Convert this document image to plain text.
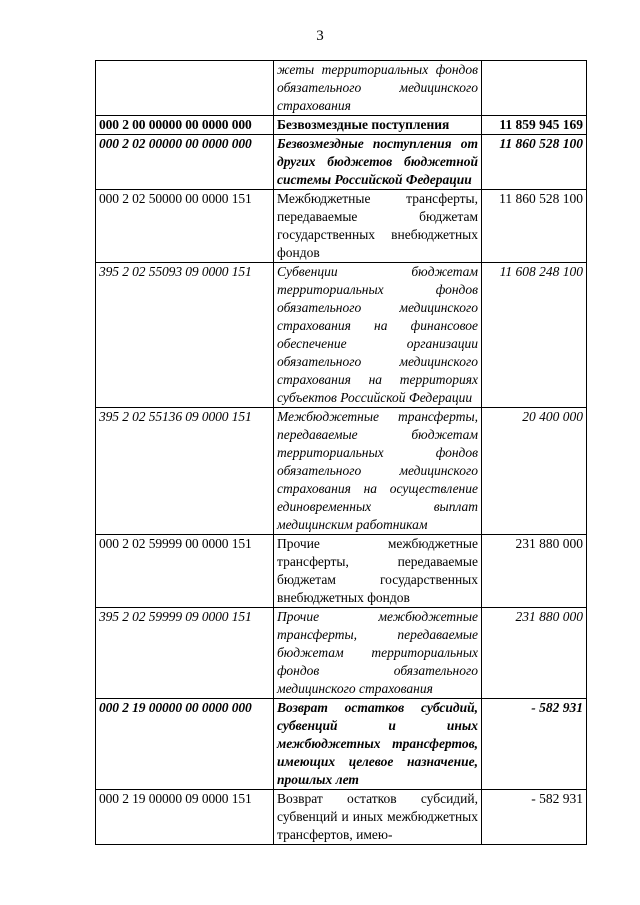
3
	жеты территориальных фондов обязательного медицинского страхования	
000 2 00 00000 00 0000 000	Безвозмездные поступления	11 859 945 169
000 2 02 00000 00 0000 000	Безвозмездные поступления от других бюджетов бюджетной системы Российской Федерации	11 860 528 100
000 2 02 50000 00 0000 151	Межбюджетные трансферты, передаваемые бюджетам государственных внебюджетных фондов	11 860 528 100
395 2 02 55093 09 0000 151	Субвенции бюджетам территориальных фондов обязательного медицинского страхования на финансовое обеспечение организации обязательного медицинского страхования на территориях субъектов Российской Федерации	11 608 248 100
395 2 02 55136 09 0000 151	Межбюджетные трансферты, передаваемые бюджетам территориальных фондов обязательного медицинского страхования на осуществление единовременных выплат медицинским работникам	20 400 000
000 2 02 59999 00 0000 151	Прочие межбюджетные трансферты, передаваемые бюджетам государственных внебюджетных фондов	231 880 000
395 2 02 59999 09 0000 151	Прочие межбюджетные трансферты, передаваемые бюджетам территориальных фондов обязательного медицинского страхования	231 880 000
000 2 19 00000 00 0000 000	Возврат остатков субсидий, субвенций и иных межбюджетных трансфертов, имеющих целевое назначение, прошлых лет	- 582 931
000 2 19 00000 09 0000 151	Возврат остатков субсидий, субвенций и иных межбюджетных трансфертов, имею-	- 582 931
